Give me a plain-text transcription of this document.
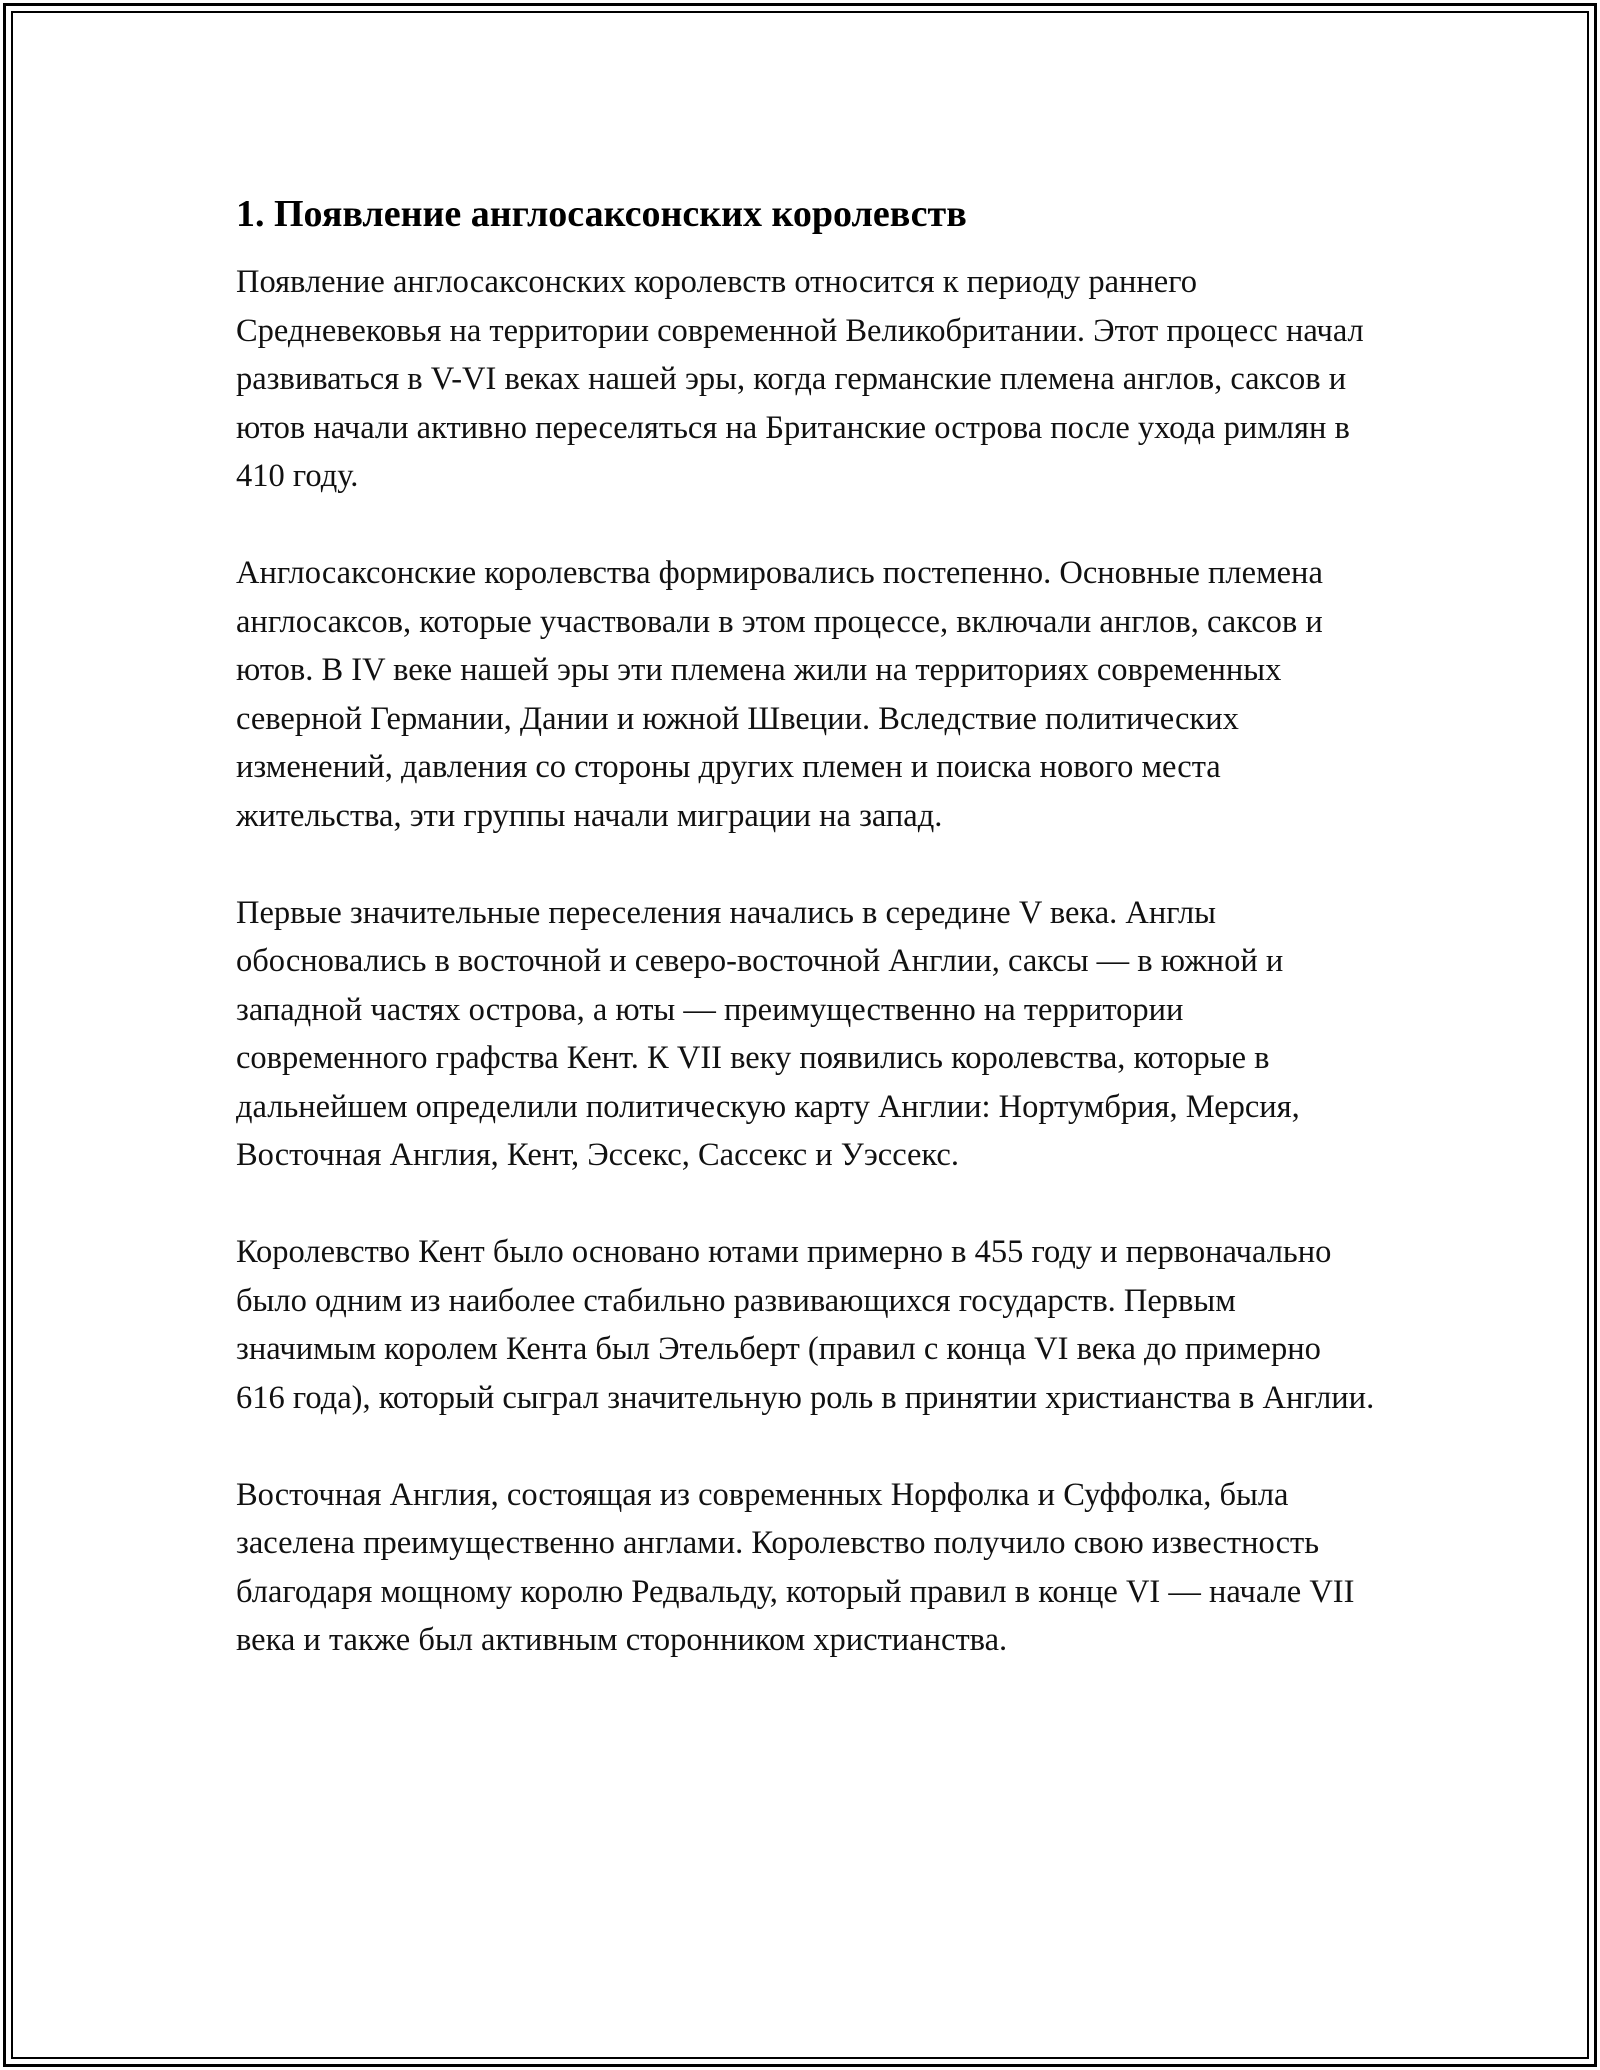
1. Появление англосаксонских королевств

Появление англосаксонских королевств относится к периоду раннего Средневековья на территории современной Великобритании. Этот процесс начал развиваться в V-VI веках нашей эры, когда германские племена англов, саксов и ютов начали активно переселяться на Британские острова после ухода римлян в 410 году.

Англосаксонские королевства формировались постепенно. Основные племена англосаксов, которые участвовали в этом процессе, включали англов, саксов и ютов. В IV веке нашей эры эти племена жили на территориях современных северной Германии, Дании и южной Швеции. Вследствие политических изменений, давления со стороны других племен и поиска нового места жительства, эти группы начали миграции на запад.

Первые значительные переселения начались в середине V века. Англы обосновались в восточной и северо-восточной Англии, саксы — в южной и западной частях острова, а юты — преимущественно на территории современного графства Кент. К VII веку появились королевства, которые в дальнейшем определили политическую карту Англии: Нортумбрия, Мерсия, Восточная Англия, Кент, Эссекс, Сассекс и Уэссекс.

Королевство Кент было основано ютами примерно в 455 году и первоначально было одним из наиболее стабильно развивающихся государств. Первым значимым королем Кента был Этельберт (правил с конца VI века до примерно 616 года), который сыграл значительную роль в принятии христианства в Англии.

Восточная Англия, состоящая из современных Норфолка и Суффолка, была заселена преимущественно англами. Королевство получило свою известность благодаря мощному королю Редвальду, который правил в конце VI — начале VII века и также был активным сторонником христианства.
